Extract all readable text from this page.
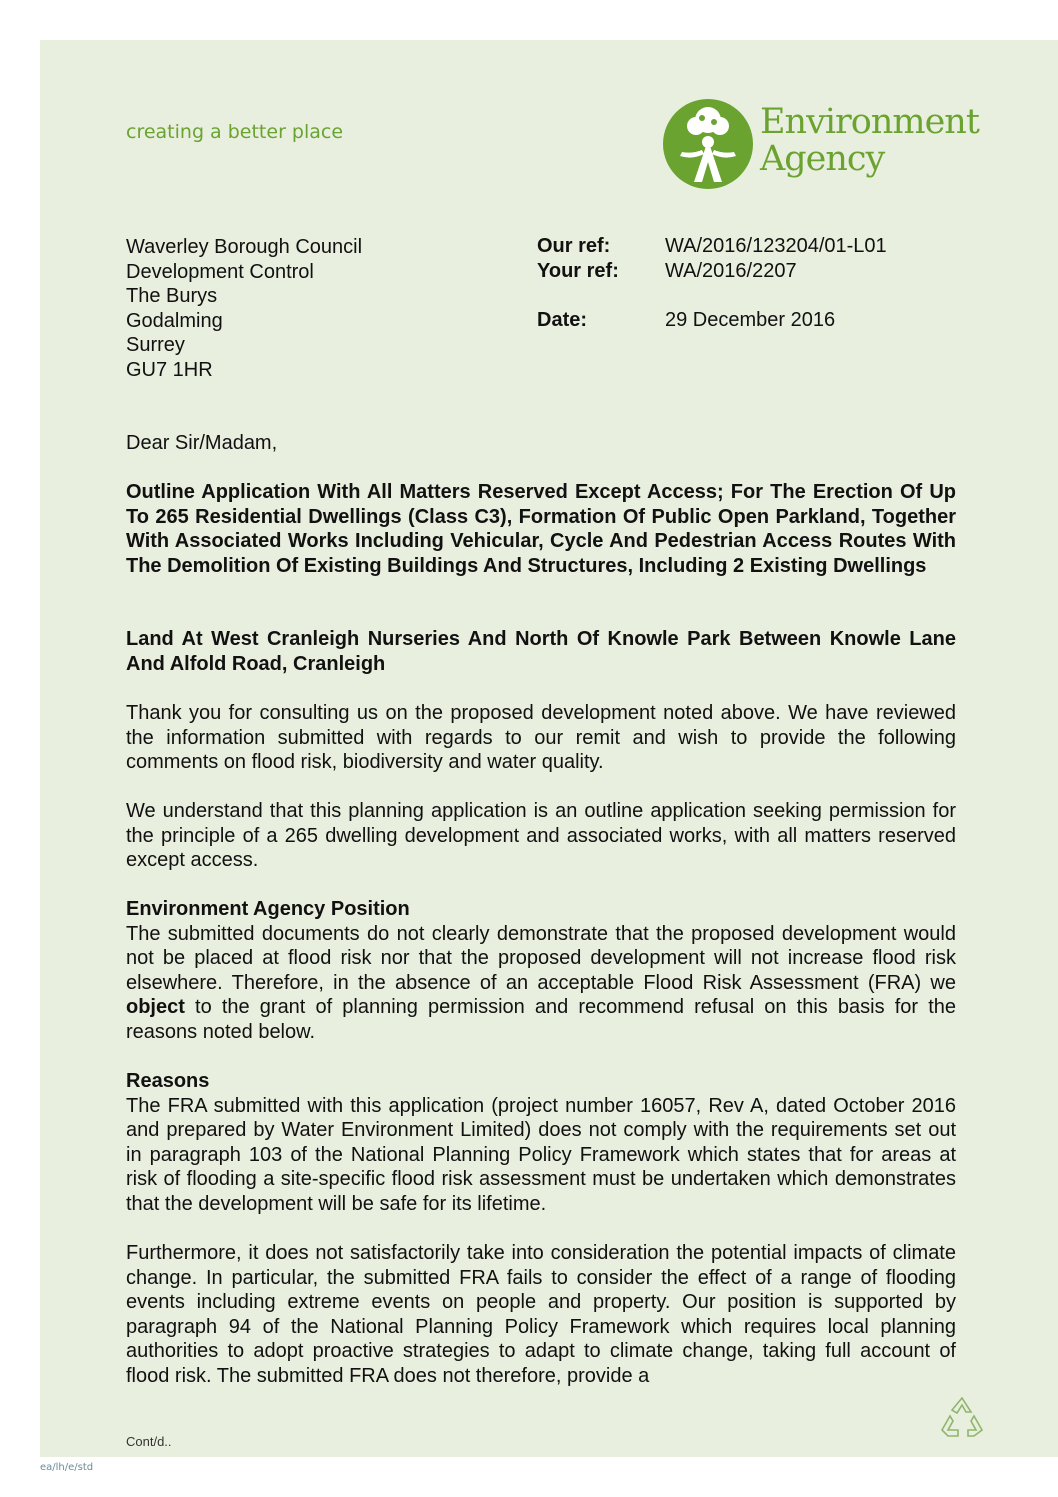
creating a better place	Environment
Agency
Waverley Borough Council
Development Control
The Burys
Godalming
Surrey
GU7 1HR
Our ref:	WA/2016/123204/01-L01
Your ref: WA/2016/2207
Date:	29 December 2016
Dear Sir/Madam,
Outline Application With All Matters Reserved Except Access; For The Erection Of Up To 265 Residential Dwellings (Class C3), Formation Of Public Open Parkland, Together With Associated Works Including Vehicular, Cycle And Pedestrian Access Routes With The Demolition Of Existing Buildings And Structures, Including 2 Existing Dwellings
Land At West Cranleigh Nurseries And North Of Knowle Park Between Knowle Lane And Alfold Road, Cranleigh
Thank you for consulting us on the proposed development noted above. We have reviewed the information submitted with regards to our remit and wish to provide the following comments on flood risk, biodiversity and water quality.
We understand that this planning application is an outline application seeking permission for the principle of a 265 dwelling development and associated works, with all matters reserved except access.
Environment Agency Position
The submitted documents do not clearly demonstrate that the proposed development would not be placed at flood risk nor that the proposed development will not increase flood risk elsewhere. Therefore, in the absence of an acceptable Flood Risk Assessment (FRA) we object to the grant of planning permission and recommend refusal on this basis for the reasons noted below.
Reasons
The FRA submitted with this application (project number 16057, Rev A, dated October 2016 and prepared by Water Environment Limited) does not comply with the requirements set out in paragraph 103 of the National Planning Policy Framework which states that for areas at risk of flooding a site-specific flood risk assessment must be undertaken which demonstrates that the development will be safe for its lifetime.
Furthermore, it does not satisfactorily take into consideration the potential impacts of climate change. In particular, the submitted FRA fails to consider the effect of a range of flooding events including extreme events on people and property. Our position is supported by paragraph 94 of the National Planning Policy Framework which requires local planning authorities to adopt proactive strategies to adapt to climate change, taking full account of flood risk. The submitted FRA does not therefore, provide a
Cont/d..
ea/lh/e/std
